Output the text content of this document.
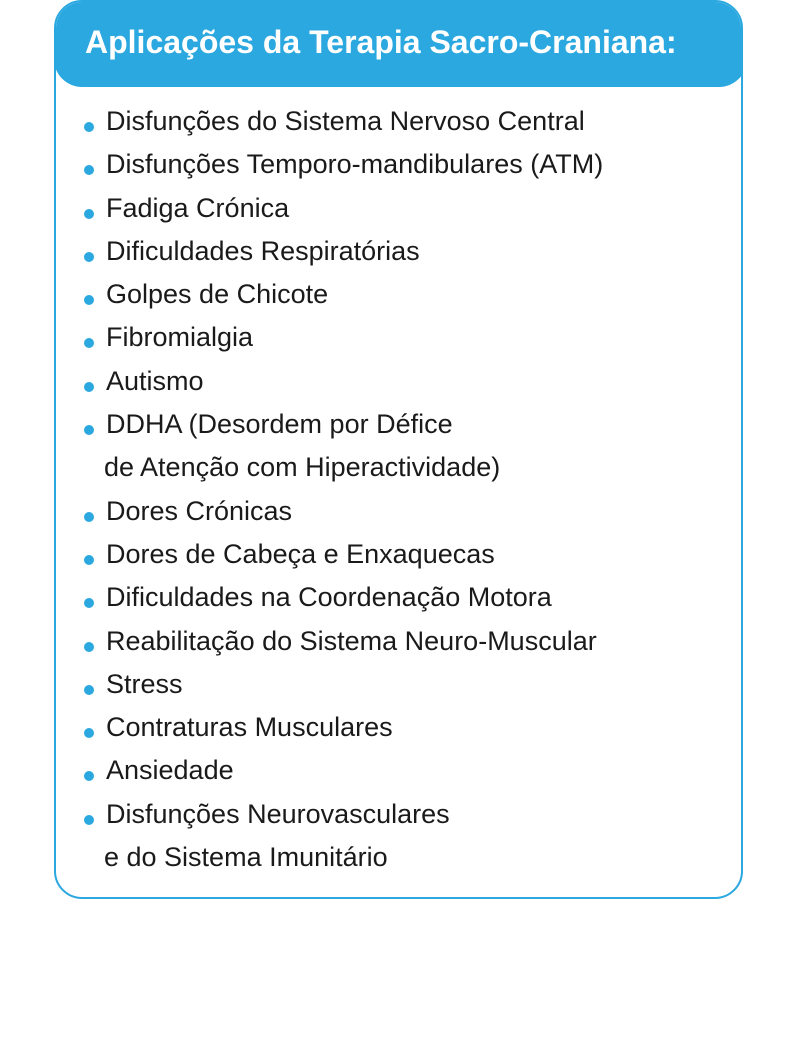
Aplicações da Terapia Sacro-Craniana:
Disfunções do Sistema Nervoso Central
Disfunções Temporo-mandibulares (ATM)
Fadiga Crónica
Dificuldades Respiratórias
Golpes de Chicote
Fibromialgia
Autismo
DDHA (Desordem por Défice
de Atenção com Hiperactividade)
Dores Crónicas
Dores de Cabeça e Enxaquecas
Dificuldades na Coordenação Motora
Reabilitação do Sistema Neuro-Muscular
Stress
Contraturas Musculares
Ansiedade
Disfunções Neurovasculares
e do Sistema Imunitário
